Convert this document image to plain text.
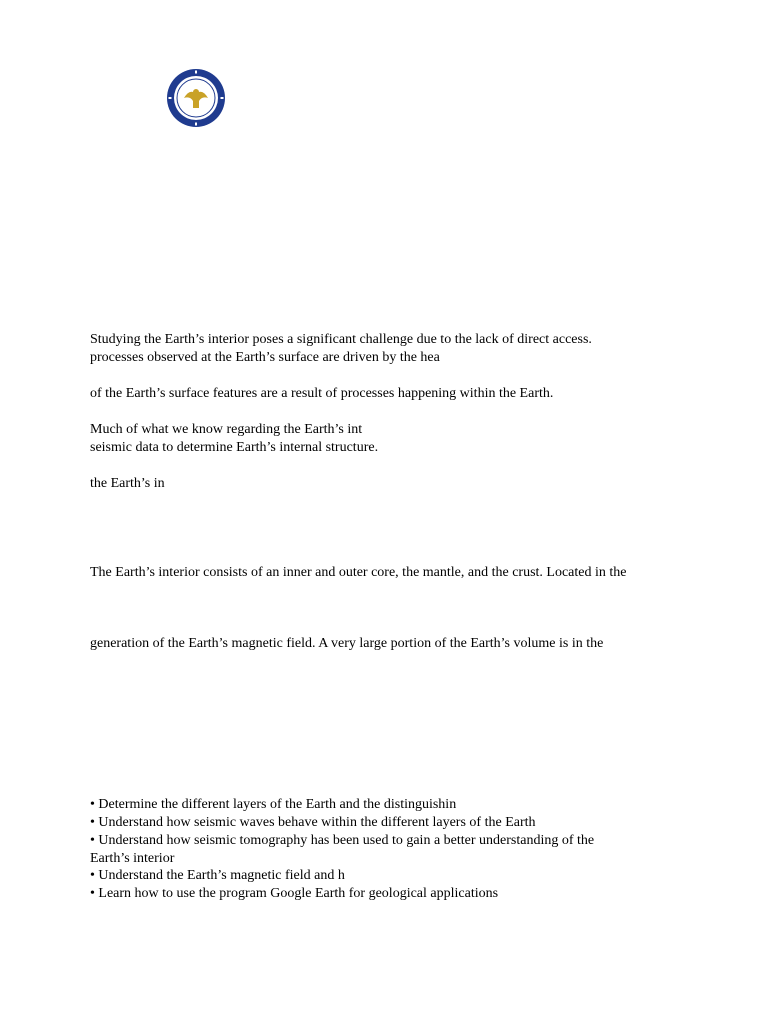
Studying the Earth’s interior poses a significant challenge due to the lack of direct access.
processes observed at the Earth’s surface are driven by the hea
of the Earth’s surface features are a result of processes happening within the Earth.
Much of what we know regarding the Earth’s int
seismic data to determine Earth’s internal structure.
the Earth’s in
The Earth’s interior consists of an inner and outer core, the mantle, and the crust. Located in the
generation of the Earth’s magnetic field. A very large portion of the Earth’s volume is in the
• Determine the different layers of the Earth and the distinguishin
• Understand how seismic waves behave within the different layers of the Earth
• Understand how seismic tomography has been used to gain a better understanding of the
Earth’s interior
• Understand the Earth’s magnetic field and h
• Learn how to use the program Google Earth for geological applications
